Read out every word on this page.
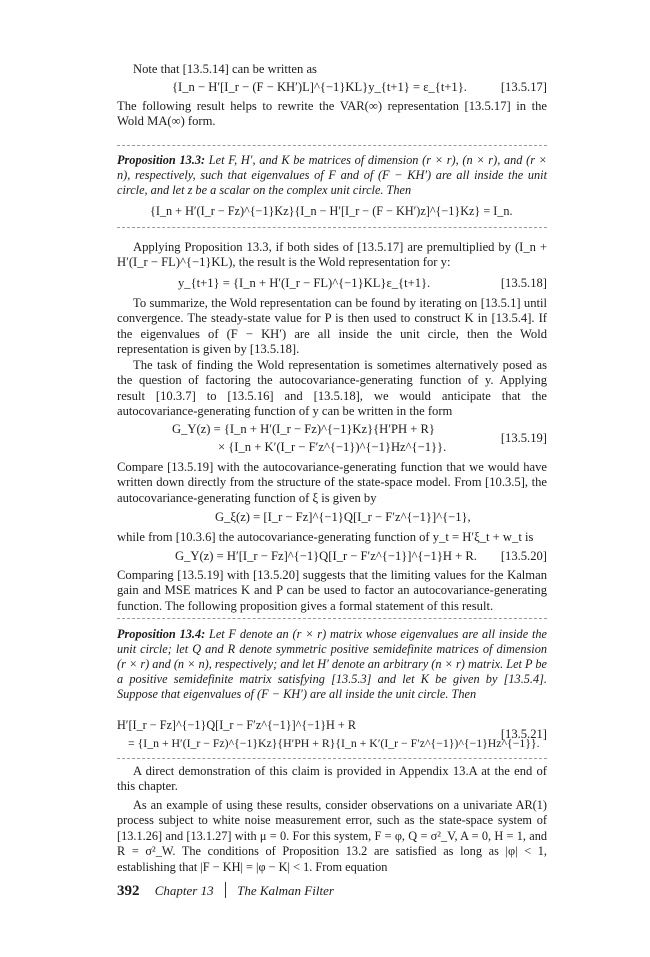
Note that [13.5.14] can be written as
{I_n − H′[I_r − (F − KH′)L]^{−1}KL}y_{t+1} = ε_{t+1}.	[13.5.17]
The following result helps to rewrite the VAR(∞) representation [13.5.17] in the Wold MA(∞) form.
Proposition 13.3: Let F, H′, and K be matrices of dimension (r × r), (n × r), and (r × n), respectively, such that eigenvalues of F and of (F − KH′) are all inside the unit circle, and let z be a scalar on the complex unit circle. Then
{I_n + H′(I_r − Fz)^{−1}Kz}{I_n − H′[I_r − (F − KH′)z]^{−1}Kz} = I_n.
Applying Proposition 13.3, if both sides of [13.5.17] are premultiplied by (I_n + H′(I_r − FL)^{−1}KL), the result is the Wold representation for y:
y_{t+1} = {I_n + H′(I_r − FL)^{−1}KL}ε_{t+1}.	[13.5.18]
To summarize, the Wold representation can be found by iterating on [13.5.1] until convergence. The steady-state value for P is then used to construct K in [13.5.4]. If the eigenvalues of (F − KH′) are all inside the unit circle, then the Wold representation is given by [13.5.18].
The task of finding the Wold representation is sometimes alternatively posed as the question of factoring the autocovariance-generating function of y. Applying result [10.3.7] to [13.5.16] and [13.5.18], we would anticipate that the autocovariance-generating function of y can be written in the form
G_Y(z) = {I_n + H′(I_r − Fz)^{−1}Kz}{H′PH + R}
× {I_n + K′(I_r − F′z^{−1})^{−1}Hz^{−1}}.
[13.5.19]
Compare [13.5.19] with the autocovariance-generating function that we would have written down directly from the structure of the state-space model. From [10.3.5], the autocovariance-generating function of ξ is given by
G_ξ(z) = [I_r − Fz]^{−1}Q[I_r − F′z^{−1}]^{−1},
while from [10.3.6] the autocovariance-generating function of y_t = H′ξ_t + w_t is
G_Y(z) = H′[I_r − Fz]^{−1}Q[I_r − F′z^{−1}]^{−1}H + R. [13.5.20]
Comparing [13.5.19] with [13.5.20] suggests that the limiting values for the Kalman gain and MSE matrices K and P can be used to factor an autocovariance-generating function. The following proposition gives a formal statement of this result.
Proposition 13.4: Let F denote an (r × r) matrix whose eigenvalues are all inside the unit circle; let Q and R denote symmetric positive semidefinite matrices of dimension (r × r) and (n × n), respectively; and let H′ denote an arbitrary (n × r) matrix. Let P be a positive semidefinite matrix satisfying [13.5.3] and let K be given by [13.5.4]. Suppose that eigenvalues of (F − KH′) are all inside the unit circle. Then
H′[I_r − Fz]^{−1}Q[I_r − F′z^{−1}]^{−1}H + R
= {I_n + H′(I_r − Fz)^{−1}Kz}{H′PH + R}{I_n + K′(I_r − F′z^{−1})^{−1}Hz^{−1}}.
[13.5.21]
A direct demonstration of this claim is provided in Appendix 13.A at the end of this chapter.
As an example of using these results, consider observations on a univariate AR(1) process subject to white noise measurement error, such as the state-space system of [13.1.26] and [13.1.27] with μ = 0. For this system, F = φ, Q = σ²_V, A = 0, H = 1, and R = σ²_W. The conditions of Proposition 13.2 are satisfied as long as |φ| < 1, establishing that |F − KH| = |φ − K| < 1. From equation
392 Chapter 13 The Kalman Filter
